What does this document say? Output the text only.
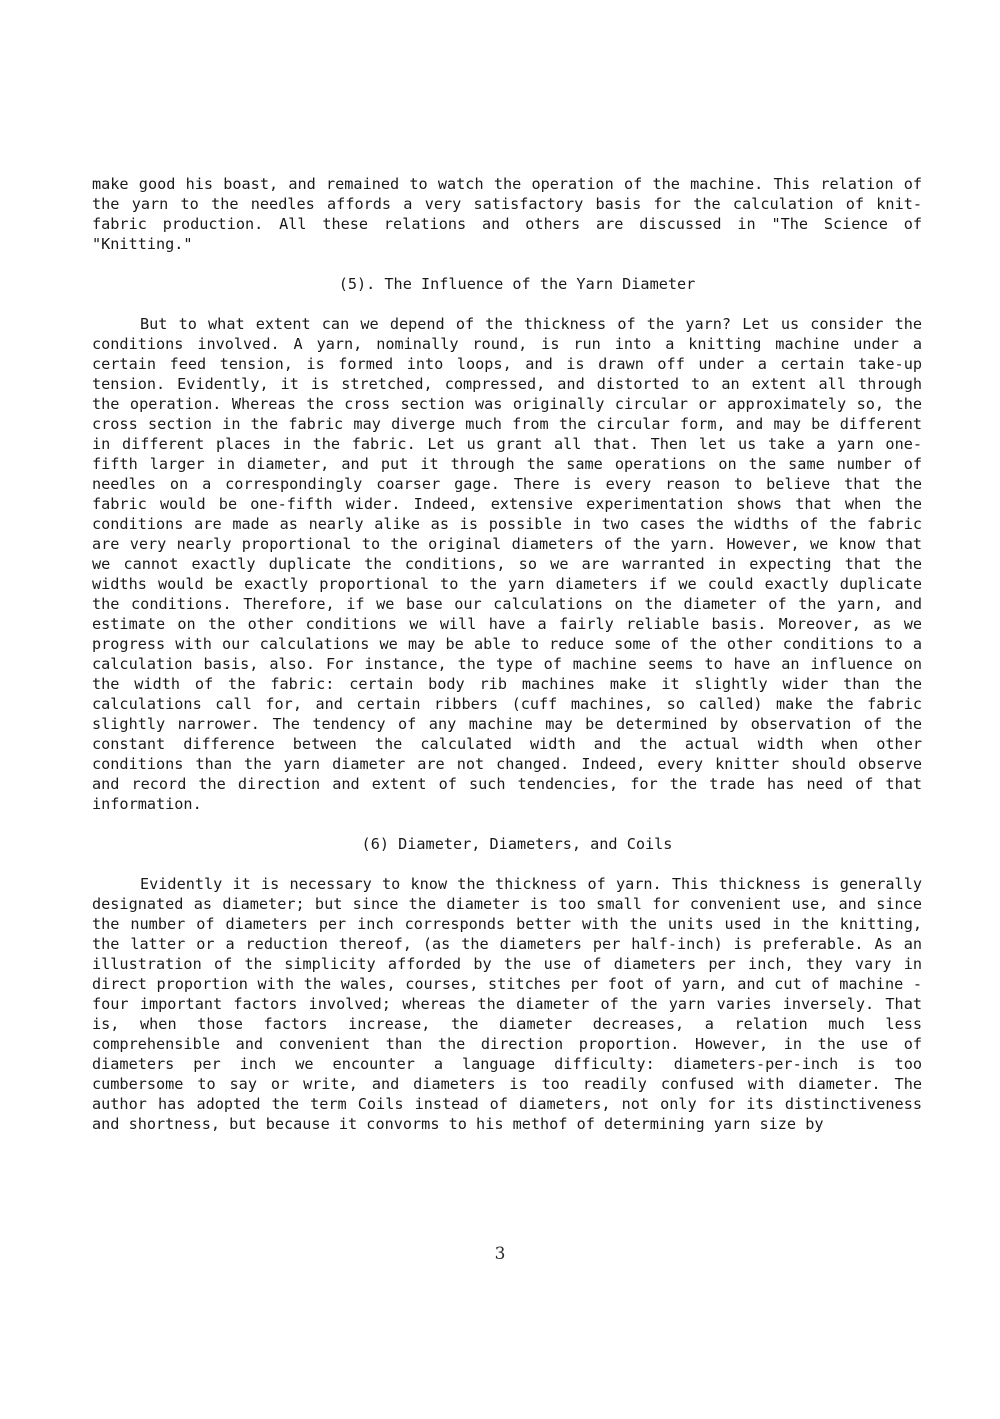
make good his boast, and remained to watch the operation of the machine. This relation of the yarn to the needles affords a very satisfactory basis for the calculation of knit-fabric production. All these relations and others are discussed in "The Science of "Knitting."

(5). The Influence of the Yarn Diameter

But to what extent can we depend of the thickness of the yarn? Let us consider the conditions involved. A yarn, nominally round, is run into a knitting machine under a certain feed tension, is formed into loops, and is drawn off under a certain take-up tension. Evidently, it is stretched, compressed, and distorted to an extent all through the operation. Whereas the cross section was originally circular or approximately so, the cross section in the fabric may diverge much from the circular form, and may be different in different places in the fabric. Let us grant all that. Then let us take a yarn one-fifth larger in diameter, and put it through the same operations on the same number of needles on a correspondingly coarser gage. There is every reason to believe that the fabric would be one-fifth wider. Indeed, extensive experimentation shows that when the conditions are made as nearly alike as is possible in two cases the widths of the fabric are very nearly proportional to the original diameters of the yarn. However, we know that we cannot exactly duplicate the conditions, so we are warranted in expecting that the widths would be exactly proportional to the yarn diameters if we could exactly duplicate the conditions. Therefore, if we base our calculations on the diameter of the yarn, and estimate on the other conditions we will have a fairly reliable basis. Moreover, as we progress with our calculations we may be able to reduce some of the other conditions to a calculation basis, also. For instance, the type of machine seems to have an influence on the width of the fabric: certain body rib machines make it slightly wider than the calculations call for, and certain ribbers (cuff machines, so called) make the fabric slightly narrower. The tendency of any machine may be determined by observation of the constant difference between the calculated width and the actual width when other conditions than the yarn diameter are not changed. Indeed, every knitter should observe and record the direction and extent of such tendencies, for the trade has need of that information.

(6) Diameter, Diameters, and Coils

Evidently it is necessary to know the thickness of yarn. This thickness is generally designated as diameter; but since the diameter is too small for convenient use, and since the number of diameters per inch corresponds better with the units used in the knitting, the latter or a reduction thereof, (as the diameters per half-inch) is preferable. As an illustration of the simplicity afforded by the use of diameters per inch, they vary in direct proportion with the wales, courses, stitches per foot of yarn, and cut of machine - four important factors involved; whereas the diameter of the yarn varies inversely. That is, when those factors increase, the diameter decreases, a relation much less comprehensible and convenient than the direction proportion. However, in the use of diameters per inch we encounter a language difficulty: diameters-per-inch is too cumbersome to say or write, and diameters is too readily confused with diameter. The author has adopted the term Coils instead of diameters, not only for its distinctiveness and shortness, but because it convorms to his methof of determining yarn size by

3
